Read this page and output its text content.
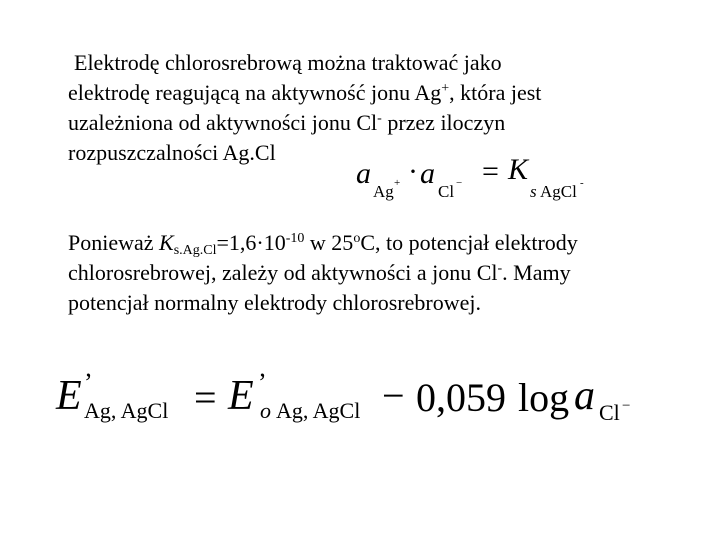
Elektrodę chlorosrebrową można traktować jako
elektrodę reagującą na aktywność jonu Ag+, która jest
uzależniona od aktywności jonu Cl- przez iloczyn
rozpuszczalności Ag.Cl
a
Ag + · a
Cl − = K
s AgCl -
Ponieważ $K_{s.Ag.Cl}=1,6\cdot 10^{-10}$ w 25$^o$C, to potencjał elektrody
chlorosrebrowej, zależy od aktywności a jonu Cl-. Mamy
potencjał normalny elektrody chlorosrebrowej.
E ’
Ag, AgCl = E ’
o Ag, AgCl − 0,059 log a Cl −
